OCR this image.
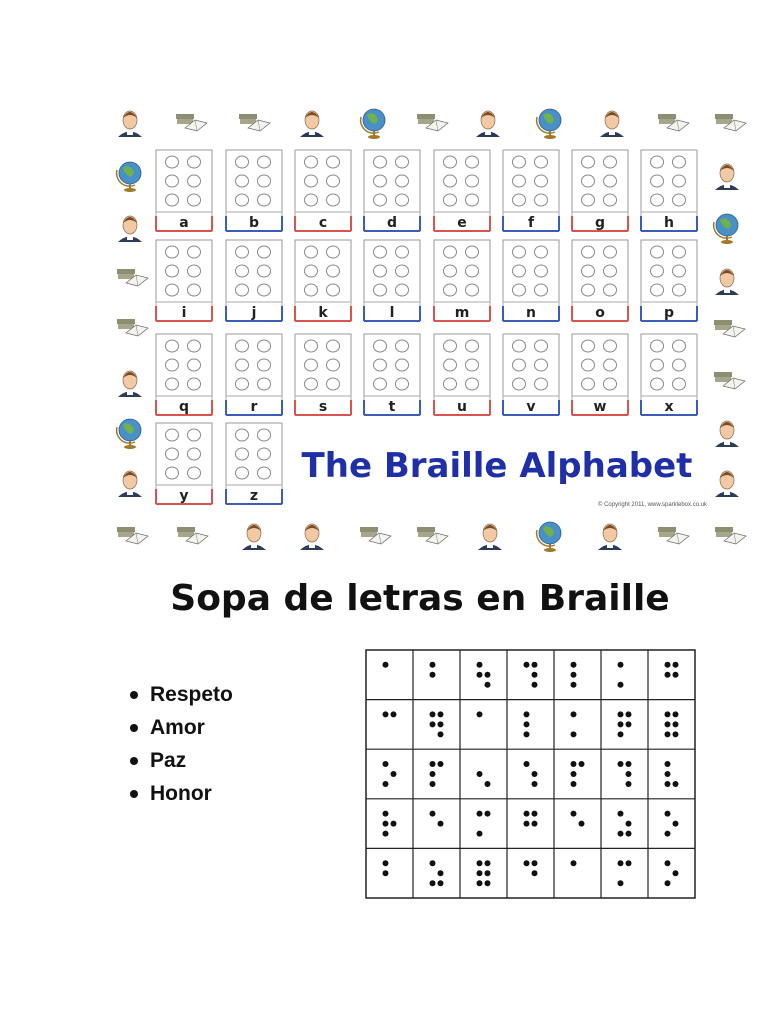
a	b	c	d	e	f	g	h
i	j	k	l	m	n	o	p
q	r	s	t	u	v	w	x
y	z
The Braille Alphabet
© Copyright 2011, www.sparklebox.co.uk
Sopa de letras en Braille
Respeto
Amor
Paz
Honor
